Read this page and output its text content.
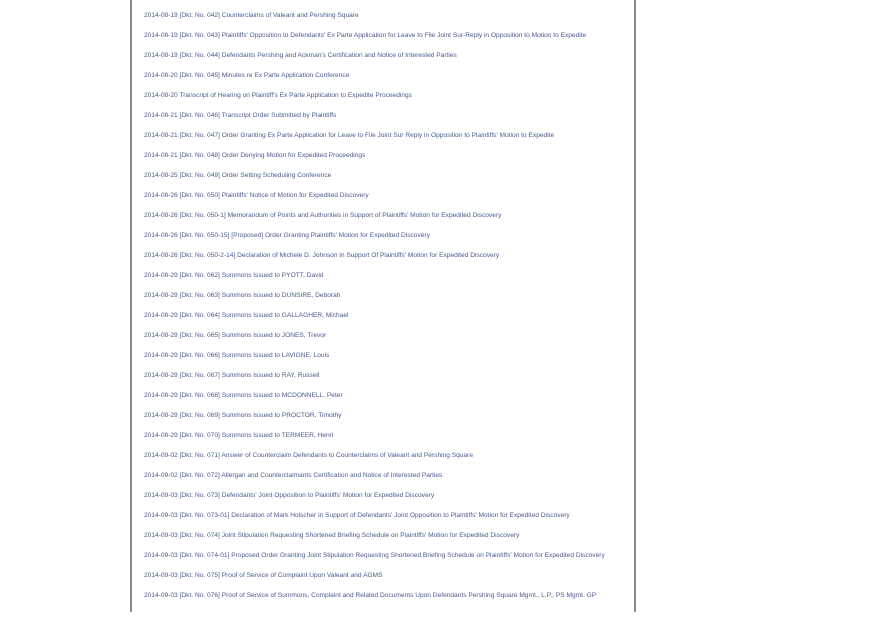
2014-08-19 [Dkt. No. 042] Counterclaims of Valeant and Pershing Square
2014-08-19 [Dkt. No. 043] Plaintiffs' Opposition to Defendants' Ex Parte Application for Leave to File Joint Sur-Reply in Opposition to Motion to Expedite
2014-08-19 [Dkt. No. 044] Defendants Pershing and Ackman's Certification and Notice of Interested Parties
2014-08-20 [Dkt. No. 045] Minutes re Ex Parte Application Conference
2014-08-20 Transcript of Hearing on Plaintiff's Ex Parte Application to Expedite Proceedings
2014-08-21 [Dkt. No. 046] Transcript Order Submitted by Plaintiffs
2014-08-21 [Dkt. No. 047] Order Granting Ex Parte Application for Leave to File Joint Sur Reply in Opposition to Plaintiffs' Motion to Expedite
2014-08-21 [Dkt. No. 048] Order Denying Motion for Expedited Proceedings
2014-08-25 [Dkt. No. 049] Order Setting Scheduling Conference
2014-08-26 [Dkt. No. 050] Plaintiffs' Notice of Motion for Expedited Discovery
2014-08-26 [Dkt. No. 050-1] Memorandum of Points and Authorities in Support of Plaintiffs' Motion for Expedited Discovery
2014-08-26 [Dkt. No. 050-15] [Proposed] Order Granting Plaintiffs' Motion for Expedited Discovery
2014-08-26 [Dkt. No. 050-2-14] Declaration of Michele D. Johnson in Support Of Plaintiffs' Motion for Expedited Discovery
2014-08-29 [Dkt. No. 062] Summons Issued to PYOTT, David
2014-08-29 [Dkt. No. 063] Summons Issued to DUNSIRE, Deborah
2014-08-29 [Dkt. No. 064] Summons Issued to GALLAGHER, Michael
2014-08-29 [Dkt. No. 065] Summons Issued to JONES, Trevor
2014-08-29 [Dkt. No. 066] Summons Issued to LAVIGNE, Louis
2014-08-29 [Dkt. No. 067] Summons Issued to RAY, Russell
2014-08-29 [Dkt. No. 068] Summons Issued to MCDONNELL, Peter
2014-08-29 [Dkt. No. 069] Summons Issued to PROCTOR, Timothy
2014-08-29 [Dkt. No. 070] Summons Issued to TERMEER, Henri
2014-09-02 [Dkt. No. 071] Answer of Counterclaim Defendants to Counterclaims of Valeant and Pershing Square
2014-09-02 [Dkt. No. 072] Allergan and Counterclaimants Certification and Notice of Interested Parties
2014-09-03 [Dkt. No. 073] Defendants' Joint Opposition to Plaintiffs' Motion for Expedited Discovery
2014-09-03 [Dkt. No. 073-01] Declaration of Mark Holscher in Support of Defendants' Joint Opposition to Plaintiffs' Motion for Expedited Discovery
2014-09-03 [Dkt. No. 074] Joint Stipulation Requesting Shortened Briefing Schedule on Plaintiffs' Motion for Expedited Discovery
2014-09-03 [Dkt. No. 074-01] Proposed Order Granting Joint Stipulation Requesting Shortened Briefing Schedule on Plaintiffs' Motion for Expedited Discovery
2014-09-03 [Dkt. No. 075] Proof of Service of Complaint Upon Valeant and AGMS
2014-09-03 [Dkt. No. 076] Proof of Service of Summons, Complaint and Related Documents Upon Defendants Pershing Square Mgmt., L.P., PS Mgmt. GP
